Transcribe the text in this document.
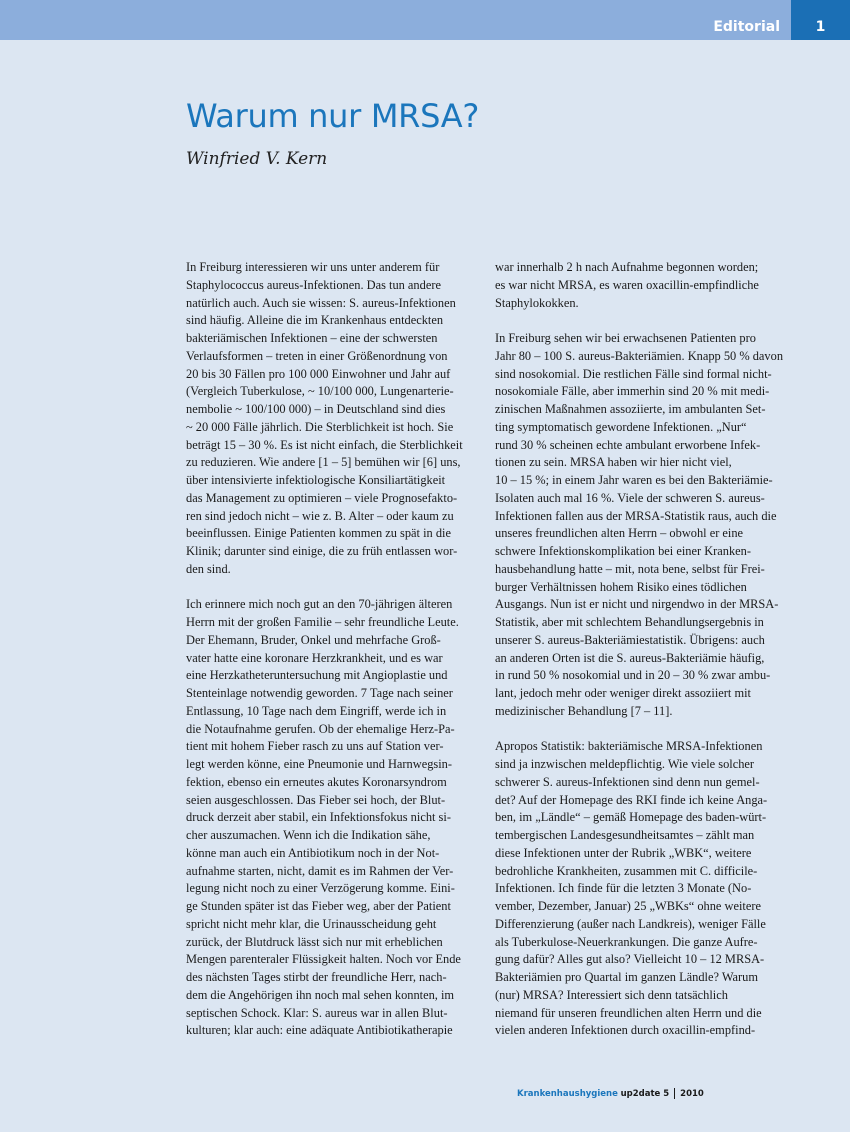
Editorial	1
Warum nur MRSA?
Winfried V. Kern
In Freiburg interessieren wir uns unter anderem für
Staphylococcus aureus-Infektionen. Das tun andere
natürlich auch. Auch sie wissen: S. aureus-Infektionen
sind häufig. Alleine die im Krankenhaus entdeckten
bakteriämischen Infektionen – eine der schwersten
Verlaufsformen – treten in einer Größenordnung von
20 bis 30 Fällen pro 100 000 Einwohner und Jahr auf
(Vergleich Tuberkulose, ~ 10/100 000, Lungenarterie-
nembolie ~ 100/100 000) – in Deutschland sind dies
~ 20 000 Fälle jährlich. Die Sterblichkeit ist hoch. Sie
beträgt 15 – 30 %. Es ist nicht einfach, die Sterblichkeit
zu reduzieren. Wie andere [1 – 5] bemühen wir [6] uns,
über intensivierte infektiologische Konsiliartätigkeit
das Management zu optimieren – viele Prognosefakto-
ren sind jedoch nicht – wie z. B. Alter – oder kaum zu
beeinflussen. Einige Patienten kommen zu spät in die
Klinik; darunter sind einige, die zu früh entlassen wor-
den sind.
Ich erinnere mich noch gut an den 70-jährigen älteren
Herrn mit der großen Familie – sehr freundliche Leute.
Der Ehemann, Bruder, Onkel und mehrfache Groß-
vater hatte eine koronare Herzkrankheit, und es war
eine Herzkatheteruntersuchung mit Angioplastie und
Stenteinlage notwendig geworden. 7 Tage nach seiner
Entlassung, 10 Tage nach dem Eingriff, werde ich in
die Notaufnahme gerufen. Ob der ehemalige Herz-Pa-
tient mit hohem Fieber rasch zu uns auf Station ver-
legt werden könne, eine Pneumonie und Harnwegsin-
fektion, ebenso ein erneutes akutes Koronarsyndrom
seien ausgeschlossen. Das Fieber sei hoch, der Blut-
druck derzeit aber stabil, ein Infektionsfokus nicht si-
cher auszumachen. Wenn ich die Indikation sähe,
könne man auch ein Antibiotikum noch in der Not-
aufnahme starten, nicht, damit es im Rahmen der Ver-
legung nicht noch zu einer Verzögerung komme. Eini-
ge Stunden später ist das Fieber weg, aber der Patient
spricht nicht mehr klar, die Urinausscheidung geht
zurück, der Blutdruck lässt sich nur mit erheblichen
Mengen parenteraler Flüssigkeit halten. Noch vor Ende
des nächsten Tages stirbt der freundliche Herr, nach-
dem die Angehörigen ihn noch mal sehen konnten, im
septischen Schock. Klar: S. aureus war in allen Blut-
kulturen; klar auch: eine adäquate Antibiotikatherapie
war innerhalb 2 h nach Aufnahme begonnen worden;
es war nicht MRSA, es waren oxacillin-empfindliche
Staphylokokken.
In Freiburg sehen wir bei erwachsenen Patienten pro
Jahr 80 – 100 S. aureus-Bakteriämien. Knapp 50 % davon
sind nosokomial. Die restlichen Fälle sind formal nicht-
nosokomiale Fälle, aber immerhin sind 20 % mit medi-
zinischen Maßnahmen assoziierte, im ambulanten Set-
ting symptomatisch gewordene Infektionen. „Nur“
rund 30 % scheinen echte ambulant erworbene Infek-
tionen zu sein. MRSA haben wir hier nicht viel,
10 – 15 %; in einem Jahr waren es bei den Bakteriämie-
Isolaten auch mal 16 %. Viele der schweren S. aureus-
Infektionen fallen aus der MRSA-Statistik raus, auch die
unseres freundlichen alten Herrn – obwohl er eine
schwere Infektionskomplikation bei einer Kranken-
hausbehandlung hatte – mit, nota bene, selbst für Frei-
burger Verhältnissen hohem Risiko eines tödlichen
Ausgangs. Nun ist er nicht und nirgendwo in der MRSA-
Statistik, aber mit schlechtem Behandlungsergebnis in
unserer S. aureus-Bakteriämiestatistik. Übrigens: auch
an anderen Orten ist die S. aureus-Bakteriämie häufig,
in rund 50 % nosokomial und in 20 – 30 % zwar ambu-
lant, jedoch mehr oder weniger direkt assoziiert mit
medizinischer Behandlung [7 – 11].
Apropos Statistik: bakteriämische MRSA-Infektionen
sind ja inzwischen meldepflichtig. Wie viele solcher
schwerer S. aureus-Infektionen sind denn nun gemel-
det? Auf der Homepage des RKI finde ich keine Anga-
ben, im „Ländle“ – gemäß Homepage des baden-würt-
tembergischen Landesgesundheitsamtes – zählt man
diese Infektionen unter der Rubrik „WBK“, weitere
bedrohliche Krankheiten, zusammen mit C. difficile-
Infektionen. Ich finde für die letzten 3 Monate (No-
vember, Dezember, Januar) 25 „WBKs“ ohne weitere
Differenzierung (außer nach Landkreis), weniger Fälle
als Tuberkulose-Neuerkrankungen. Die ganze Aufre-
gung dafür? Alles gut also? Vielleicht 10 – 12 MRSA-
Bakteriämien pro Quartal im ganzen Ländle? Warum
(nur) MRSA? Interessiert sich denn tatsächlich
niemand für unseren freundlichen alten Herrn und die
vielen anderen Infektionen durch oxacillin-empfind-
Krankenhaushygiene up2date 5 2010
